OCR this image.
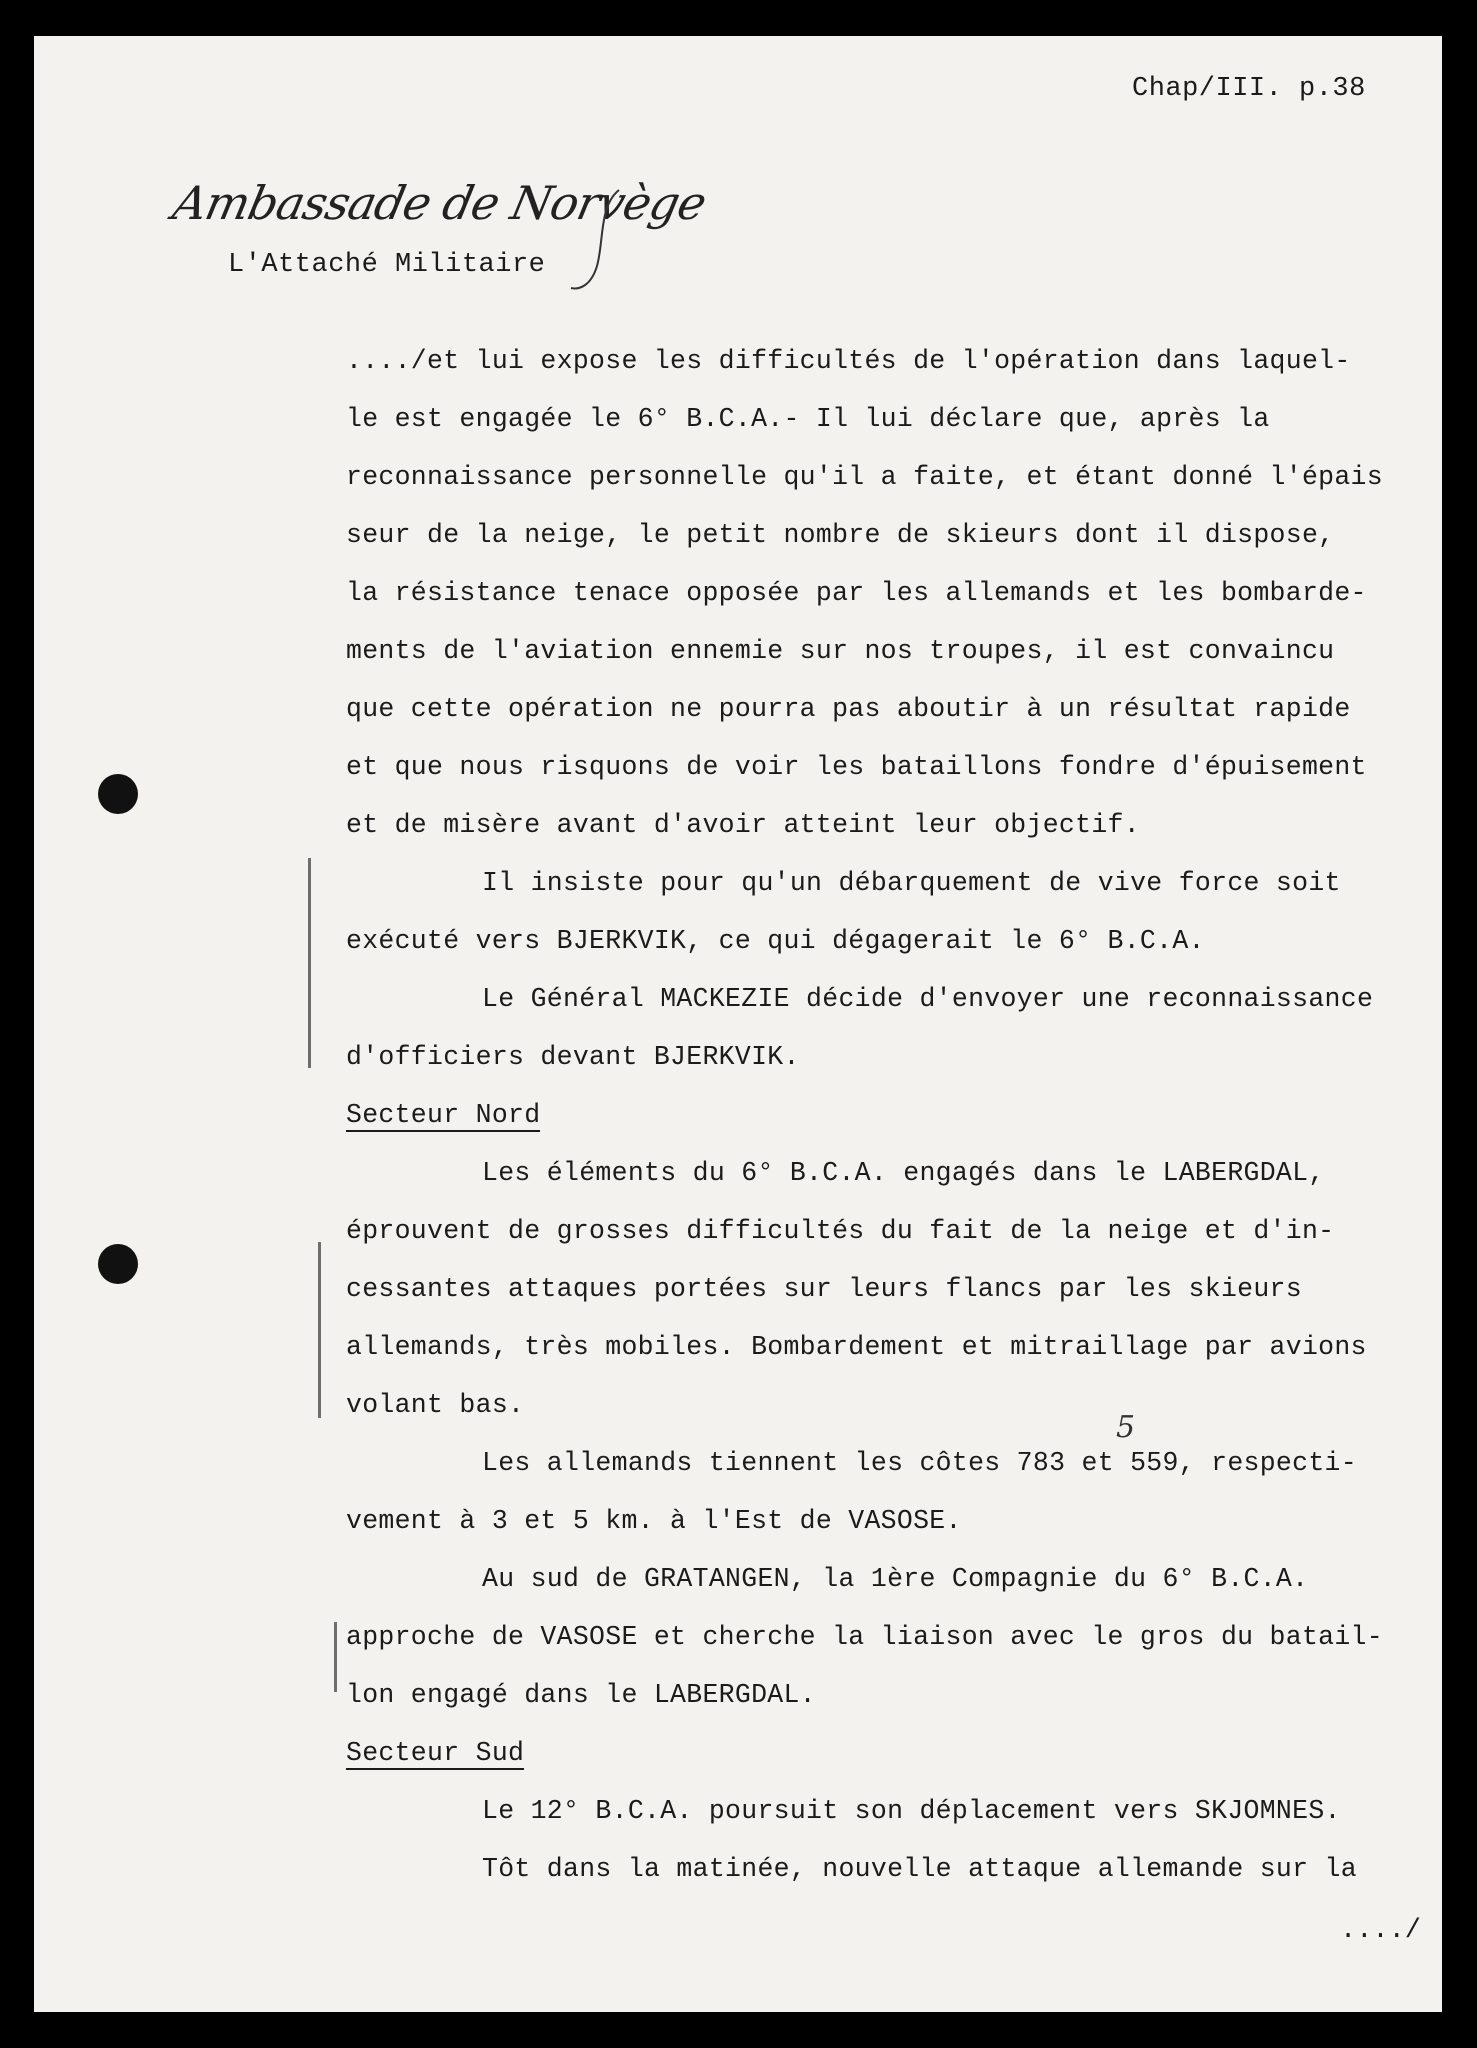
Chap/III. p.38
Ambassade de Norvège
L'Attaché Militaire
..../et lui expose les difficultés de l'opération dans laquel-
le est engagée le 6° B.C.A.- Il lui déclare que, après la
reconnaissance personnelle qu'il a faite, et étant donné l'épais
seur de la neige, le petit nombre de skieurs dont il dispose,
la résistance tenace opposée par les allemands et les bombarde-
ments de l'aviation ennemie sur nos troupes, il est convaincu
que cette opération ne pourra pas aboutir à un résultat rapide
et que nous risquons de voir les bataillons fondre d'épuisement
et de misère avant d'avoir atteint leur objectif.
Il insiste pour qu'un débarquement de vive force soit
exécuté vers BJERKVIK, ce qui dégagerait le 6° B.C.A.
Le Général MACKEZIE décide d'envoyer une reconnaissance
d'officiers devant BJERKVIK.
Secteur Nord
Les éléments du 6° B.C.A. engagés dans le LABERGDAL,
éprouvent de grosses difficultés du fait de la neige et d'in-
cessantes attaques portées sur leurs flancs par les skieurs
allemands, très mobiles. Bombardement et mitraillage par avions
volant bas.
Les allemands tiennent les côtes 783 et 559, respecti-
vement à 3 et 5 km. à l'Est de VASOSE.
Au sud de GRATANGEN, la 1ère Compagnie du 6° B.C.A.
approche de VASOSE et cherche la liaison avec le gros du batail-
lon engagé dans le LABERGDAL.
Secteur Sud
Le 12° B.C.A. poursuit son déplacement vers SKJOMNES.
Tôt dans la matinée, nouvelle attaque allemande sur la
5
..../
